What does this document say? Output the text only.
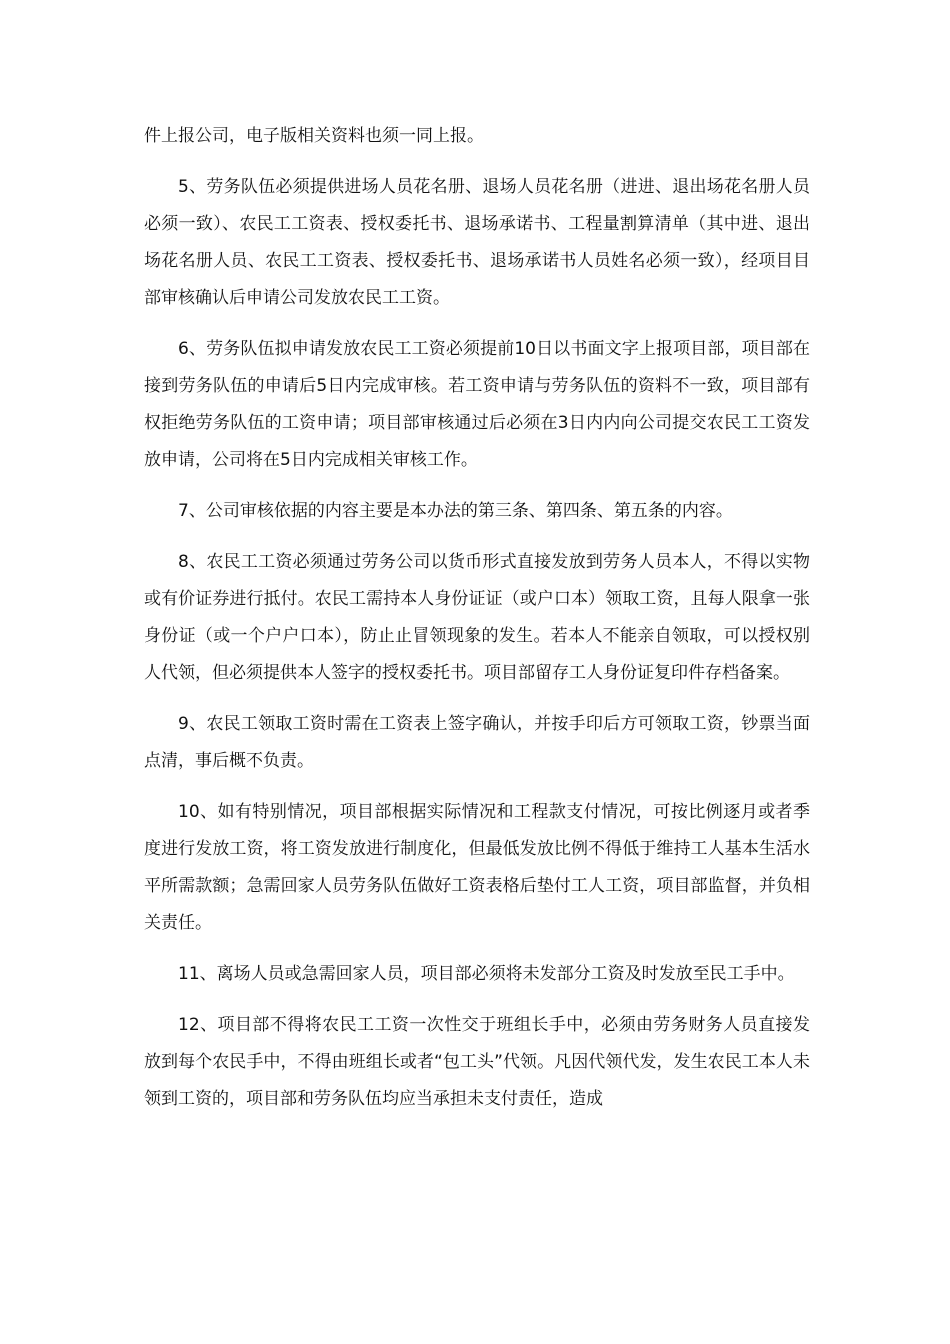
件上报公司，电子版相关资料也须一同上报。

5、劳务队伍必须提供进场人员花名册、退场人员花名册（进进、退出场花名册人员必须一致）、农民工工资表、授权委托书、退场承诺书、工程量割算清单（其中进、退出场花名册人员、农民工工资表、授权委托书、退场承诺书人员姓名必须一致），经项目目部审核确认后申请公司发放农民工工资。

6、劳务队伍拟申请发放农民工工资必须提前10日以书面文字上报项目部，项目部在接到劳务队伍的申请后5日内完成审核。若工资申请与劳务队伍的资料不一致，项目部有权拒绝劳务队伍的工资申请；项目部审核通过后必须在3日内内向公司提交农民工工资发放申请，公司将在5日内完成相关审核工作。

7、公司审核依据的内容主要是本办法的第三条、第四条、第五条的内容。

8、农民工工资必须通过劳务公司以货币形式直接发放到劳务人员本人，不得以实物或有价证券进行抵付。农民工需持本人身份证证（或户口本）领取工资，且每人限拿一张身份证（或一个户户口本），防止止冒领现象的发生。若本人不能亲自领取，可以授权别人代领，但必须提供本人签字的授权委托书。项目部留存工人身份证复印件存档备案。

9、农民工领取工资时需在工资表上签字确认，并按手印后方可领取工资，钞票当面点清，事后概不负责。

10、如有特别情况，项目部根据实际情况和工程款支付情况，可按比例逐月或者季度进行发放工资，将工资发放进行制度化，但最低发放比例不得低于维持工人基本生活水平所需款额；急需回家人员劳务队伍做好工资表格后垫付工人工资，项目部监督，并负相关责任。

11、离场人员或急需回家人员，项目部必须将未发部分工资及时发放至民工手中。

12、项目部不得将农民工工资一次性交于班组长手中，必须由劳务财务人员直接发放到每个农民手中，不得由班组长或者“包工头”代领。凡因代领代发，发生农民工本人未领到工资的，项目部和劳务队伍均应当承担未支付责任，造成
